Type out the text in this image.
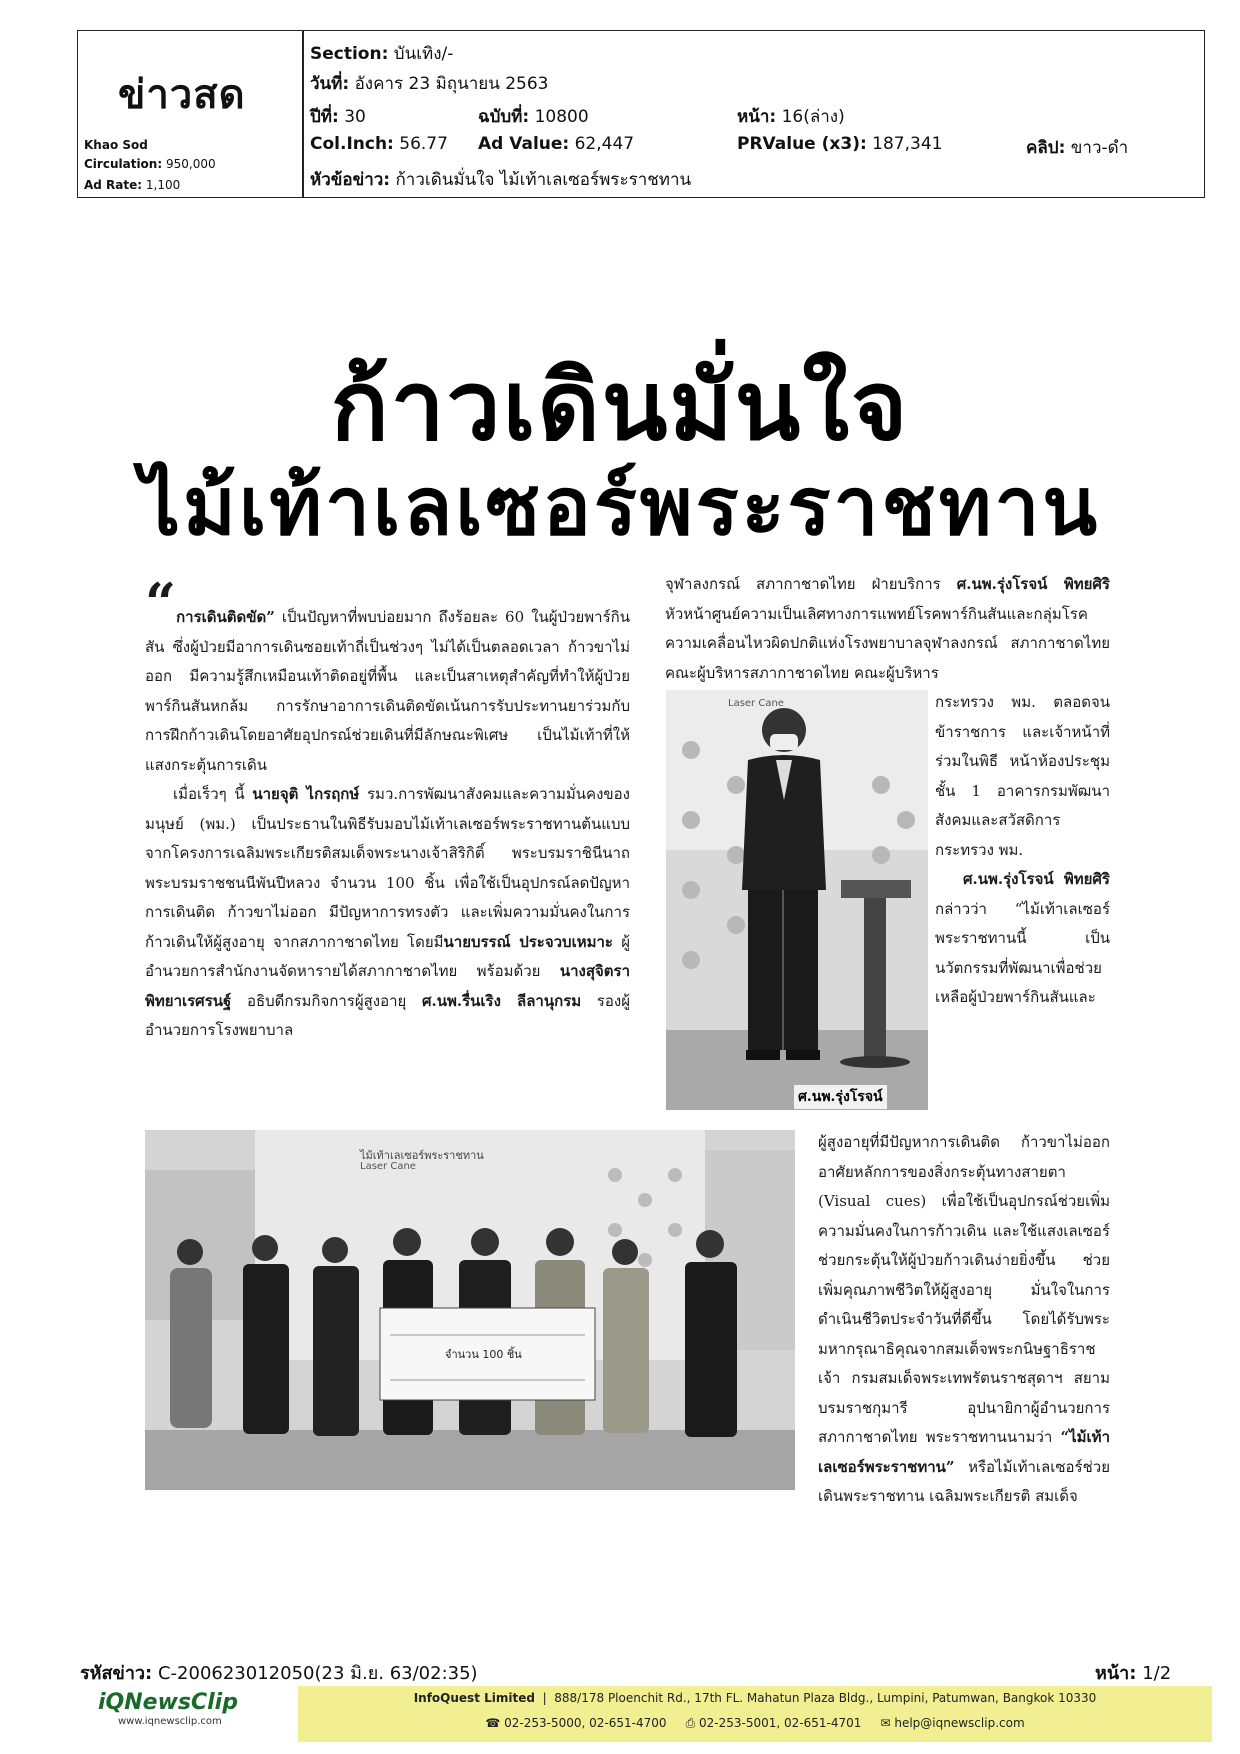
ข่าวสด
Khao Sod
Circulation: 950,000
Ad Rate: 1,100
Section: บันเทิง/-
วันที่: อังคาร 23 มิถุนายน 2563
ปีที่: 30	ฉบับที่: 10800	หน้า: 16(ล่าง)
Col.Inch: 56.77 Ad Value: 62,447	PRValue (x3): 187,341	คลิป: ขาว-ดำ
หัวข้อข่าว: ก้าวเดินมั่นใจ ไม้เท้าเลเซอร์พระราชทาน
ก้าวเดินมั่นใจ
ไม้เท้าเลเซอร์พระราชทาน

“การเดินติดขัด” เป็นปัญหาที่พบบ่อยมาก ถึงร้อยละ 60 ในผู้ป่วยพาร์กินสัน ซึ่งผู้ป่วยมีอาการเดินซอยเท้าถี่เป็นช่วงๆ ไม่ได้เป็นตลอดเวลา ก้าวขาไม่ออก มีความรู้สึกเหมือนเท้าติดอยู่ที่พื้น และเป็นสาเหตุสำคัญที่ทำให้ผู้ป่วยพาร์กินสันหกล้ม การรักษาอาการเดินติดขัดเน้นการรับประทานยาร่วมกับการฝึกก้าวเดินโดยอาศัยอุปกรณ์ช่วยเดินที่มีลักษณะพิเศษ เป็นไม้เท้าที่ให้แสงกระตุ้นการเดิน

เมื่อเร็วๆ นี้ นายจุติ ไกรฤกษ์ รมว.การพัฒนาสังคมและความมั่นคงของมนุษย์ (พม.) เป็นประธานในพิธีรับมอบไม้เท้าเลเซอร์พระราชทานต้นแบบ จากโครงการเฉลิมพระเกียรติสมเด็จพระนางเจ้าสิริกิติ์ พระบรมราชินีนาถ พระบรมราชชนนีพันปีหลวง จำนวน 100 ชิ้น เพื่อใช้เป็นอุปกรณ์ลดปัญหาการเดินติด ก้าวขาไม่ออก มีปัญหาการทรงตัว และเพิ่มความมั่นคงในการก้าวเดินให้ผู้สูงอายุ จากสภากาชาดไทย โดยมีนายบรรณ์ ประจวบเหมาะ ผู้อำนวยการสำนักงานจัดหารายได้สภากาชาดไทย พร้อมด้วย นางสุจิตรา พิทยาเรศรนฐ์ อธิบดีกรมกิจการผู้สูงอายุ ศ.นพ.รื่นเริง ลีลานุกรม รองผู้อำนวยการโรงพยาบาล

จุฬาลงกรณ์ สภากาชาดไทย ฝ่ายบริการ ศ.นพ.รุ่งโรจน์ พิทยศิริ หัวหน้าศูนย์ความเป็นเลิศทางการแพทย์โรคพาร์กินสันและกลุ่มโรคความเคลื่อนไหวผิดปกติแห่งโรงพยาบาลจุฬาลงกรณ์ สภากาชาดไทย คณะผู้บริหารสภากาชาดไทย คณะผู้บริหาร

ศ.นพ.รุ่งโรจน์
Laser Cane	กระทรวง พม. ตลอดจนข้าราชการ และเจ้าหน้าที่ร่วมในพิธี หน้าห้องประชุม ชั้น 1 อาคารกรมพัฒนาสังคมและสวัสดิการ กระทรวง พม.

ศ.นพ.รุ่งโรจน์ พิทยศิริ กล่าวว่า “ไม้เท้าเลเซอร์พระราชทานนี้ เป็นนวัตกรรมที่พัฒนาเพื่อช่วยเหลือผู้ป่วยพาร์กินสันและ

ไม้เท้าเลเซอร์พระราชทาน
Laser Cane
จำนวน 100 ชิ้น

ผู้สูงอายุที่มีปัญหาการเดินติด ก้าวขาไม่ออก อาศัยหลักการของสิ่งกระตุ้นทางสายตา (Visual cues) เพื่อใช้เป็นอุปกรณ์ช่วยเพิ่มความมั่นคงในการก้าวเดิน และใช้แสงเลเซอร์ช่วยกระตุ้นให้ผู้ป่วยก้าวเดินง่ายยิ่งขึ้น ช่วยเพิ่มคุณภาพชีวิตให้ผู้สูงอายุ มั่นใจในการดำเนินชีวิตประจำวันที่ดีขึ้น โดยได้รับพระมหากรุณาธิคุณจากสมเด็จพระกนิษฐาธิราชเจ้า กรมสมเด็จพระเทพรัตนราชสุดาฯ สยามบรมราชกุมารี อุปนายิกาผู้อำนวยการสภากาชาดไทย พระราชทานนามว่า “ไม้เท้าเลเซอร์พระราชทาน” หรือไม้เท้าเลเซอร์ช่วยเดินพระราชทาน เฉลิมพระเกียรติ สมเด็จ

รหัสข่าว: C-200623012050(23 มิ.ย. 63/02:35)	หน้า: 1/2
iQNewsClip
www.iqnewsclip.com
InfoQuest Limited  |  888/178 Ploenchit Rd., 17th FL. Mahatun Plaza Bldg., Lumpini, Patumwan, Bangkok 10330
☎ 02-253-5000, 02-651-4700 ⎙ 02-253-5001, 02-651-4701 ✉ help@iqnewsclip.com
